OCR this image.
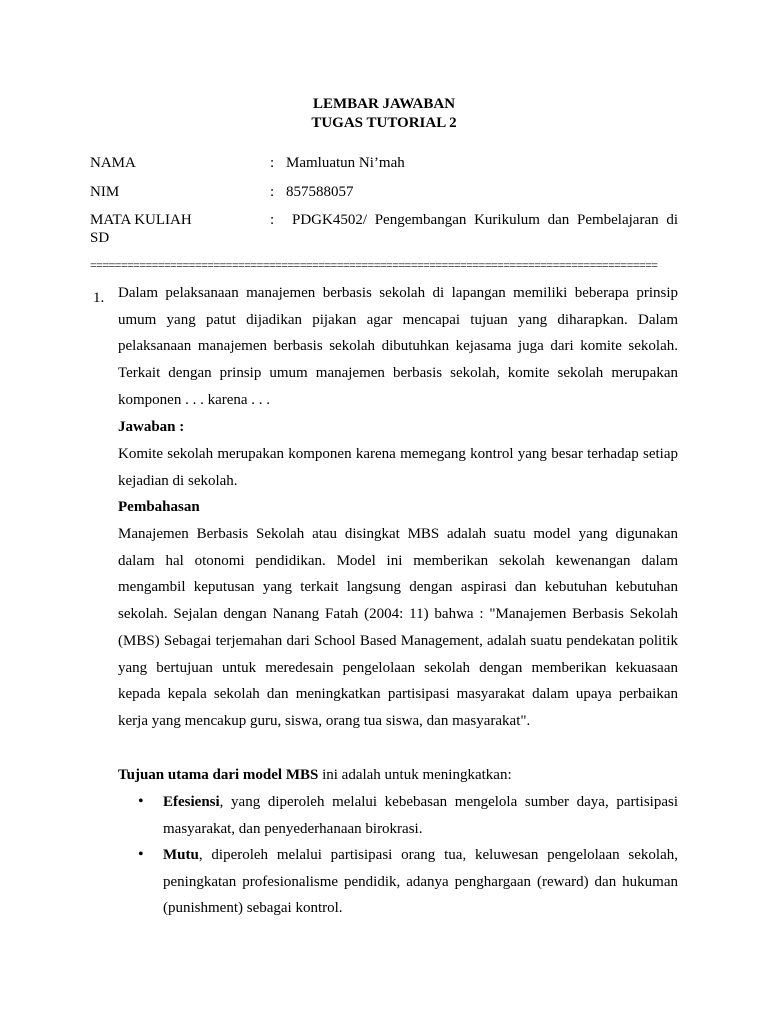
LEMBAR JAWABAN
TUGAS TUTORIAL 2
NAMA	: Mamluatun Ni’mah
NIM	: 857588057
MATA KULIAH	: PDGK4502/ Pengembangan Kurikulum dan Pembelajaran di
SD
============================================================================================
1. Dalam pelaksanaan manajemen berbasis sekolah di lapangan memiliki beberapa prinsip umum yang patut dijadikan pijakan agar mencapai tujuan yang diharapkan. Dalam pelaksanaan manajemen berbasis sekolah dibutuhkan kejasama juga dari komite sekolah. Terkait dengan prinsip umum manajemen berbasis sekolah, komite sekolah merupakan komponen . . . karena . . .
Jawaban :
Komite sekolah merupakan komponen karena memegang kontrol yang besar terhadap setiap kejadian di sekolah.
Pembahasan
Manajemen Berbasis Sekolah atau disingkat MBS adalah suatu model yang digunakan dalam hal otonomi pendidikan. Model ini memberikan sekolah kewenangan dalam mengambil keputusan yang terkait langsung dengan aspirasi dan kebutuhan kebutuhan sekolah. Sejalan dengan Nanang Fatah (2004: 11) bahwa : "Manajemen Berbasis Sekolah (MBS) Sebagai terjemahan dari School Based Management, adalah suatu pendekatan politik yang bertujuan untuk meredesain pengelolaan sekolah dengan memberikan kekuasaan kepada kepala sekolah dan meningkatkan partisipasi masyarakat dalam upaya perbaikan kerja yang mencakup guru, siswa, orang tua siswa, dan masyarakat".
Tujuan utama dari model MBS ini adalah untuk meningkatkan:
• Efesiensi, yang diperoleh melalui kebebasan mengelola sumber daya, partisipasi masyarakat, dan penyederhanaan birokrasi.
• Mutu, diperoleh melalui partisipasi orang tua, keluwesan pengelolaan sekolah, peningkatan profesionalisme pendidik, adanya penghargaan (reward) dan hukuman (punishment) sebagai kontrol.
